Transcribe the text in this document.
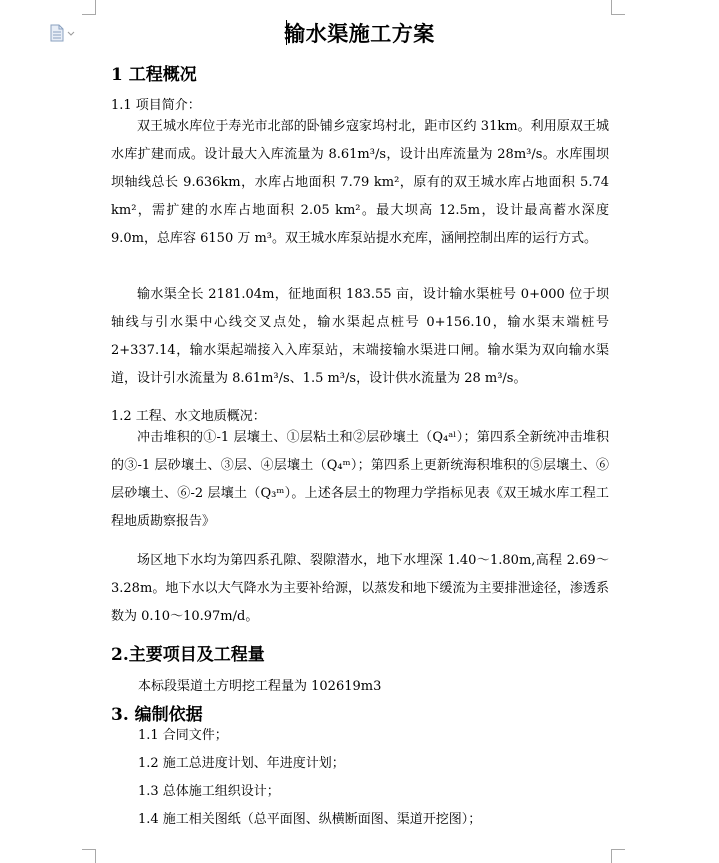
输水渠施工方案
1 工程概况
1.1 项目简介：
双王城水库位于寿光市北部的卧铺乡寇家坞村北，距市区约 31km。利用原双王城水库扩建而成。设计最大入库流量为 8.61m³/s，设计出库流量为 28m³/s。水库围坝坝轴线总长 9.636km，水库占地面积 7.79 km²，原有的双王城水库占地面积 5.74 km²，需扩建的水库占地面积 2.05 km²。最大坝高 12.5m，设计最高蓄水深度 9.0m，总库容 6150 万 m³。双王城水库泵站提水充库，涵闸控制出库的运行方式。
输水渠全长 2181.04m，征地面积 183.55 亩，设计输水渠桩号 0+000 位于坝轴线与引水渠中心线交叉点处，输水渠起点桩号 0+156.10，输水渠末端桩号 2+337.14，输水渠起端接入入库泵站，末端接输水渠进口闸。输水渠为双向输水渠道，设计引水流量为 8.61m³/s、1.5 m³/s，设计供水流量为 28 m³/s。
1.2 工程、水文地质概况：
冲击堆积的①-1 层壤土、①层粘土和②层砂壤土（Q₄ᵃˡ）；第四系全新统冲击堆积的③-1 层砂壤土、③层、④层壤土（Q₄ᵐ）；第四系上更新统海积堆积的⑤层壤土、⑥层砂壤土、⑥-2 层壤土（Q₃ᵐ）。上述各层土的物理力学指标见表《双王城水库工程工程地质勘察报告》
场区地下水均为第四系孔隙、裂隙潜水，地下水埋深 1.40～1.80m,高程 2.69～3.28m。地下水以大气降水为主要补给源，以蒸发和地下缓流为主要排泄途径，渗透系数为 0.10～10.97m/d。
2.主要项目及工程量
本标段渠道土方明挖工程量为 102619m3
3. 编制依据
1.1 合同文件；
1.2 施工总进度计划、年进度计划；
1.3 总体施工组织设计；
1.4 施工相关图纸（总平面图、纵横断面图、渠道开挖图）；
